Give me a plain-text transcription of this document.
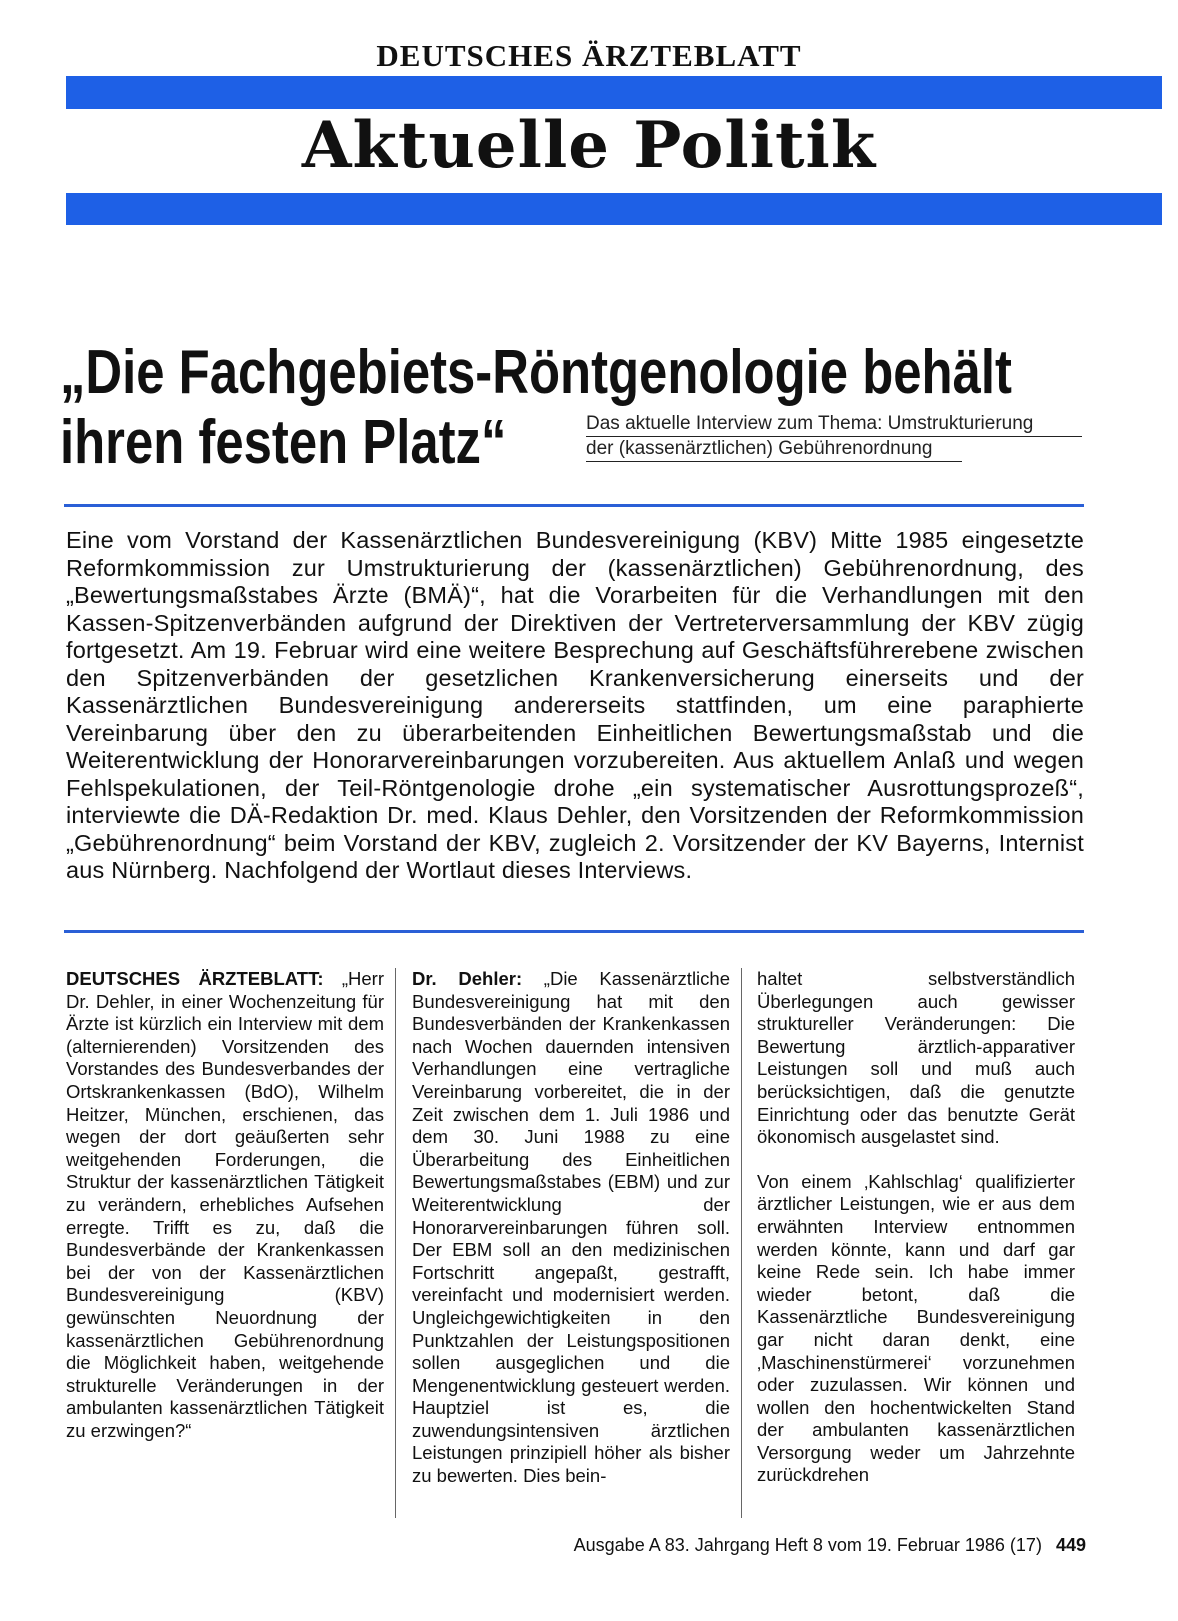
DEUTSCHES ÄRZTEBLATT
Aktuelle Politik
„Die Fachgebiets-Röntgenologie behält
ihren festen Platz“	Das aktuelle Interview zum Thema: Umstrukturierung
der (kassenärztlichen) Gebührenordnung
Eine vom Vorstand der Kassenärztlichen Bundesvereinigung (KBV) Mitte 1985 eingesetzte Reformkommission zur Umstrukturierung der (kassenärztlichen) Gebührenordnung, des „Bewertungsmaßstabes Ärzte (BMÄ)“, hat die Vorarbeiten für die Verhandlungen mit den Kassen-Spitzenverbänden aufgrund der Direktiven der Vertreterversammlung der KBV zügig fortgesetzt. Am 19. Februar wird eine weitere Besprechung auf Geschäftsführerebene zwischen den Spitzenverbänden der gesetzlichen Krankenversicherung einerseits und der Kassenärztlichen Bundesvereinigung andererseits stattfinden, um eine paraphierte Vereinbarung über den zu überarbeitenden Einheitlichen Bewertungsmaßstab und die Weiterentwicklung der Honorarvereinbarungen vorzubereiten. Aus aktuellem Anlaß und wegen Fehlspekulationen, der Teil-Röntgenologie drohe „ein systematischer Ausrottungsprozeß“, interviewte die DÄ-Redaktion Dr. med. Klaus Dehler, den Vorsitzenden der Reformkommission „Gebührenordnung“ beim Vorstand der KBV, zugleich 2. Vorsitzender der KV Bayerns, Internist aus Nürnberg. Nachfolgend der Wortlaut dieses Interviews.

DEUTSCHES ÄRZTEBLATT: „Herr Dr. Dehler, in einer Wochenzeitung für Ärzte ist kürzlich ein Interview mit dem (alternierenden) Vorsitzenden des Vorstandes des Bundesverbandes der Ortskrankenkassen (BdO), Wilhelm Heitzer, München, erschienen, das wegen der dort geäußerten sehr weitgehenden Forderungen, die Struktur der kassenärztlichen Tätigkeit zu verändern, erhebliches Aufsehen erregte. Trifft es zu, daß die Bundesverbände der Krankenkassen bei der von der Kassenärztlichen Bundesvereinigung (KBV) gewünschten Neuordnung der kassenärztlichen Gebührenordnung die Möglichkeit haben, weitgehende strukturelle Veränderungen in der ambulanten kassenärztlichen Tätigkeit zu erzwingen?“

Dr. Dehler: „Die Kassenärztliche Bundesvereinigung hat mit den Bundesverbänden der Krankenkassen nach Wochen dauernden intensiven Verhandlungen eine vertragliche Vereinbarung vorbereitet, die in der Zeit zwischen dem 1. Juli 1986 und dem 30. Juni 1988 zu eine Überarbeitung des Einheitlichen Bewertungsmaßstabes (EBM) und zur Weiterentwicklung der Honorarvereinbarungen führen soll. Der EBM soll an den medizinischen Fortschritt angepaßt, gestrafft, vereinfacht und modernisiert werden. Ungleichgewichtigkeiten in den Punktzahlen der Leistungspositionen sollen ausgeglichen und die Mengenentwicklung gesteuert werden. Hauptziel ist es, die zuwendungsintensiven ärztlichen Leistungen prinzipiell höher als bisher zu bewerten. Dies bein-

haltet selbstverständlich Überlegungen auch gewisser struktureller Veränderungen: Die Bewertung ärztlich-apparativer Leistungen soll und muß auch berücksichtigen, daß die genutzte Einrichtung oder das benutzte Gerät ökonomisch ausgelastet sind.

Von einem ‚Kahlschlag‘ qualifizierter ärztlicher Leistungen, wie er aus dem erwähnten Interview entnommen werden könnte, kann und darf gar keine Rede sein. Ich habe immer wieder betont, daß die Kassenärztliche Bundesvereinigung gar nicht daran denkt, eine ‚Maschinenstürmerei‘ vorzunehmen oder zuzulassen. Wir können und wollen den hochentwickelten Stand der ambulanten kassenärztlichen Versorgung weder um Jahrzehnte zurückdrehen

Ausgabe A 83. Jahrgang Heft 8 vom 19. Februar 1986 (17) 449
